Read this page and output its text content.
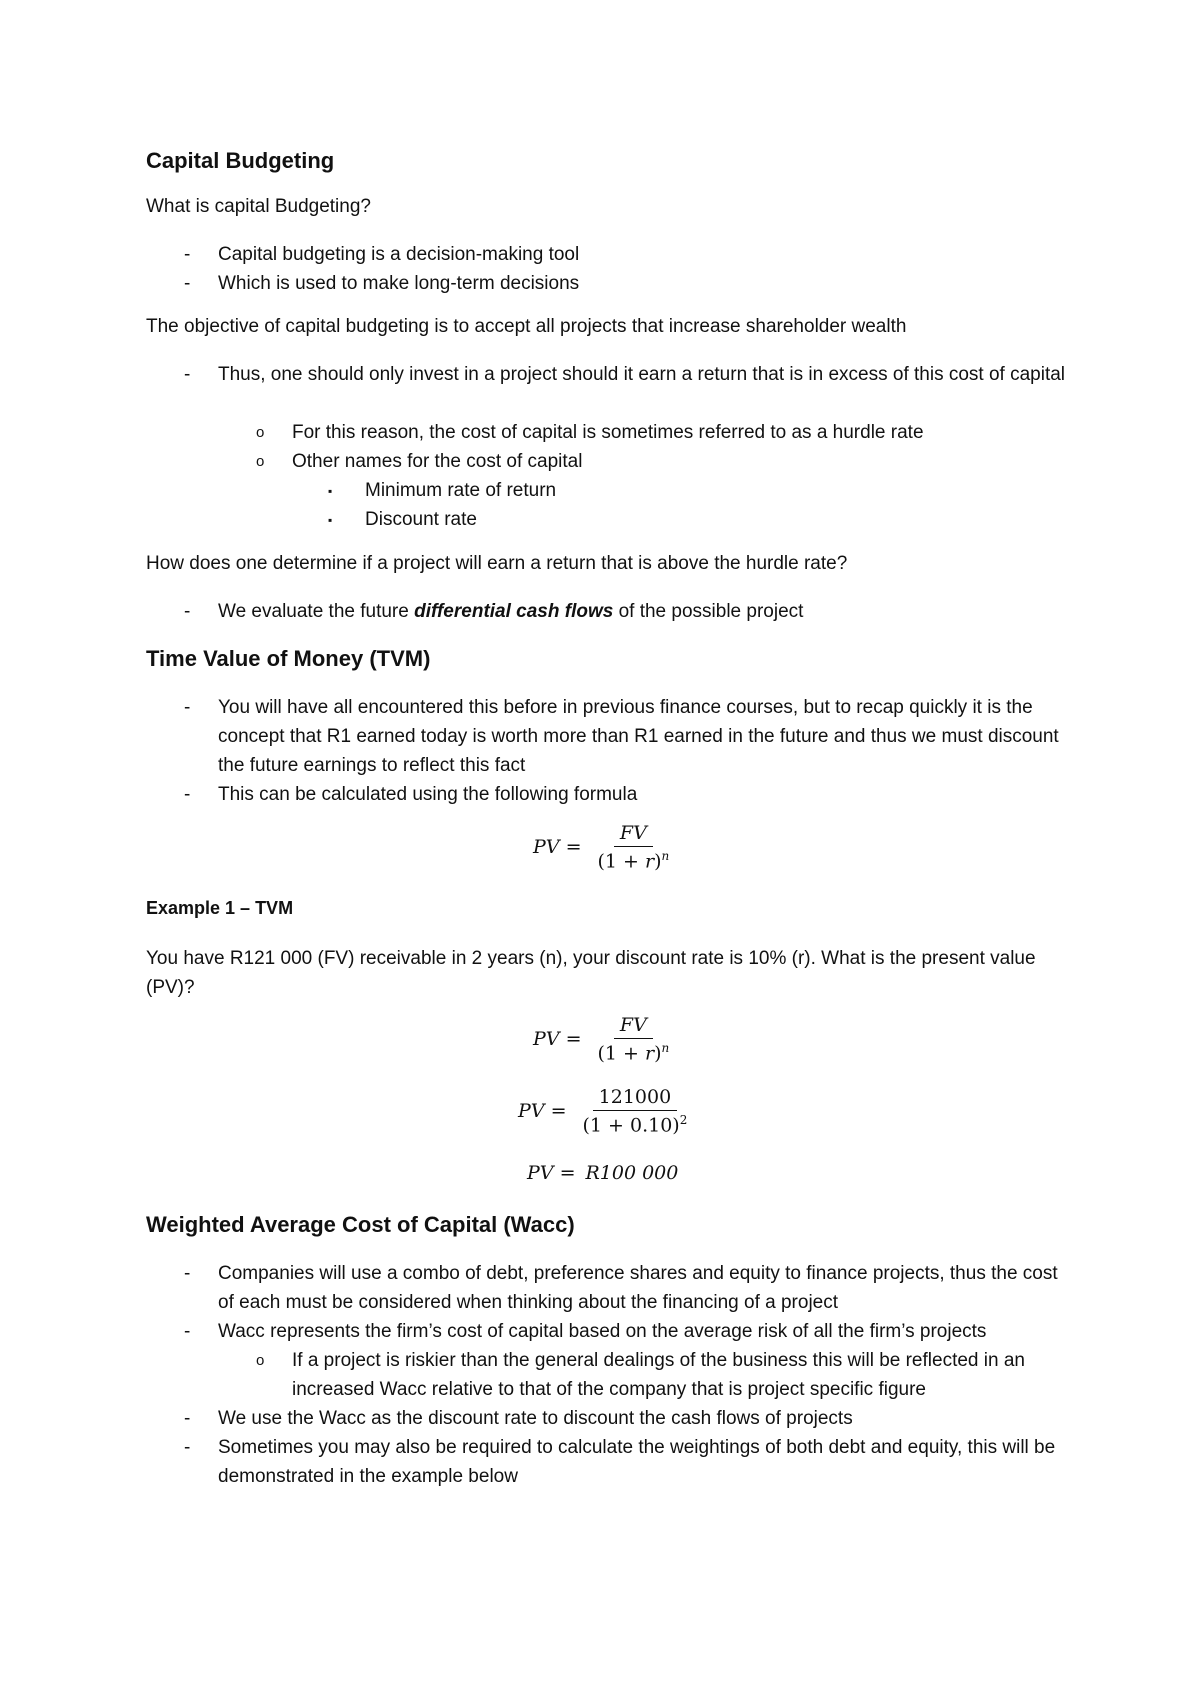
Capital Budgeting
What is capital Budgeting?
- Capital budgeting is a decision-making tool
- Which is used to make long-term decisions
The objective of capital budgeting is to accept all projects that increase shareholder wealth
- Thus, one should only invest in a project should it earn a return that is in excess of this cost of capital
o For this reason, the cost of capital is sometimes referred to as a hurdle rate
o Other names for the cost of capital
▪ Minimum rate of return
▪ Discount rate
How does one determine if a project will earn a return that is above the hurdle rate?
- We evaluate the future differential cash flows of the possible project
Time Value of Money (TVM)
- You will have all encountered this before in previous finance courses, but to recap quickly it is the concept that R1 earned today is worth more than R1 earned in the future and thus we must discount the future earnings to reflect this fact
- This can be calculated using the following formula
PV
= $\frac{FV}{(1 + r)^n}$
Example 1 – TVM
You have R121 000 (FV) receivable in 2 years (n), your discount rate is 10% (r). What is the present value (PV)?
PV
= $\frac{FV}{(1 + r)^n}$
PV
= $\frac{121000}{(1 + 0.10)^2}$
PV
= R100 000
Weighted Average Cost of Capital (Wacc)
- Companies will use a combo of debt, preference shares and equity to finance projects, thus the cost of each must be considered when thinking about the financing of a project
- Wacc represents the firm’s cost of capital based on the average risk of all the firm’s projects
o If a project is riskier than the general dealings of the business this will be reflected in an increased Wacc relative to that of the company that is project specific figure
- We use the Wacc as the discount rate to discount the cash flows of projects
- Sometimes you may also be required to calculate the weightings of both debt and equity, this will be demonstrated in the example below
